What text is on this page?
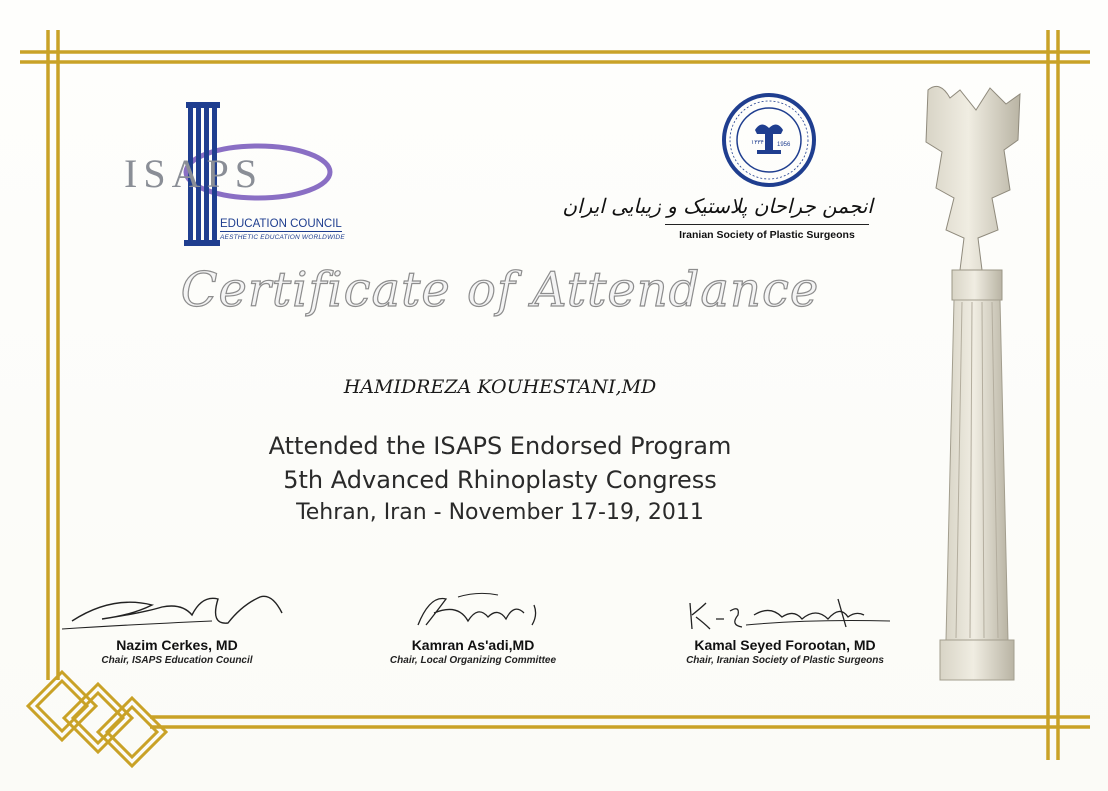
ISAPS
EDUCATION COUNCIL
AESTHETIC EDUCATION WORLDWIDE
۱۳۳۴ 1956
انجمن جراحان پلاستیک و زیبایی ایران
Iranian Society of Plastic Surgeons
Certificate of Attendance
HAMIDREZA KOUHESTANI,MD
Attended the ISAPS Endorsed Program
5th Advanced Rhinoplasty Congress
Tehran, Iran - November 17-19, 2011
Nazim Cerkes, MD
Chair, ISAPS Education Council
Kamran As'adi,MD
Chair, Local Organizing Committee
Kamal Seyed Forootan, MD
Chair, Iranian Society of Plastic Surgeons
